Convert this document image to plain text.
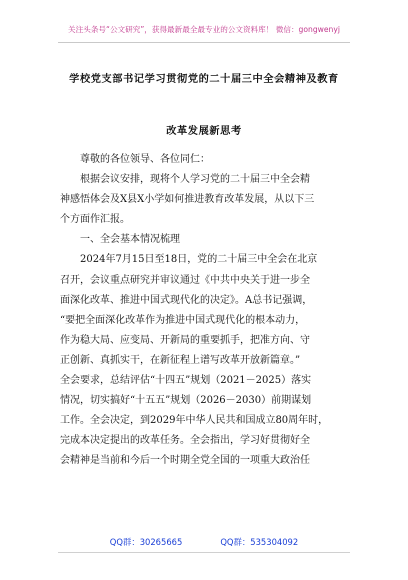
关注头条号“公文研究”，获得最新最全最专业的公文资料库！ 微信：gongwenyj
学校党支部书记学习贯彻党的二十届三中全会精神及教育
改革发展新思考
尊敬的各位领导、各位同仁：
根据会议安排，现将个人学习党的二十届三中全会精
神感悟体会及X县X小学如何推进教育改革发展，从以下三
个方面作汇报。
一、全会基本情况梳理
2024年7月15日至18日，党的二十届三中全会在北京
召开，会议重点研究并审议通过《中共中央关于进一步全
面深化改革、推进中国式现代化的决定》。A总书记强调，
“要把全面深化改革作为推进中国式现代化的根本动力，
作为稳大局、应变局、开新局的重要抓手，把准方向、守
正创新、真抓实干，在新征程上谱写改革开放新篇章。”
全会要求，总结评估“十四五”规划（2021－2025）落实
情况，切实搞好“十五五”规划（2026－2030）前期谋划
工作。全会决定，到2029年中华人民共和国成立80周年时，
完成本决定提出的改革任务。全会指出，学习好贯彻好全
会精神是当前和今后一个时期全党全国的一项重大政治任
QQ群：30265665	QQ群：535304092
